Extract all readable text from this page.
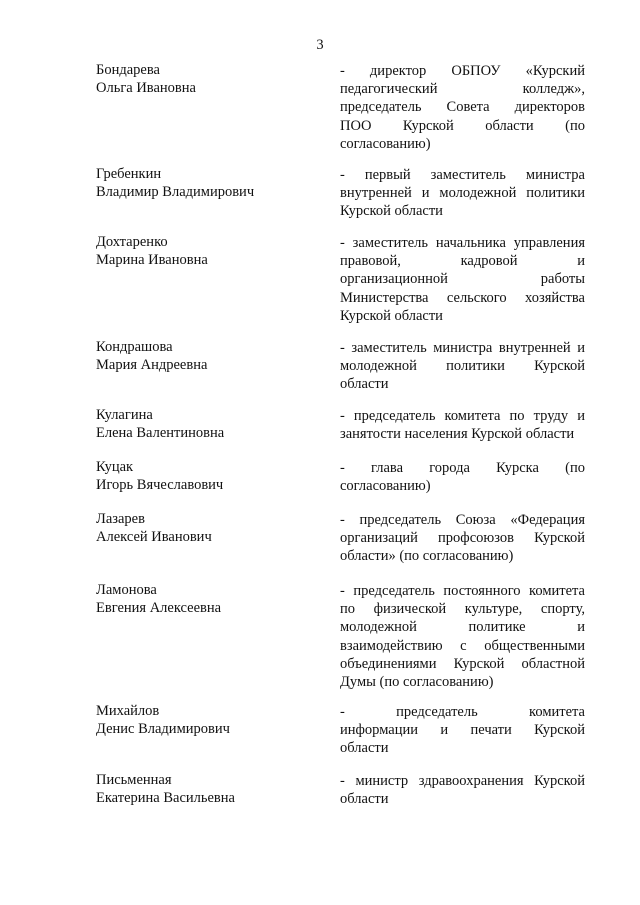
3
Бондарева
Ольга Ивановна
- директор ОБПОУ «Курский
педагогический колледж»,
председатель Совета директоров
ПОО Курской области (по
согласованию)
Гребенкин
Владимир Владимирович
- первый заместитель министра
внутренней и молодежной политики
Курской области
Дохтаренко
Марина Ивановна
- заместитель начальника управления
правовой, кадровой и
организационной работы
Министерства сельского хозяйства
Курской области
Кондрашова
Мария Андреевна
- заместитель министра внутренней и
молодежной политики Курской
области
Кулагина
Елена Валентиновна
- председатель комитета по труду и
занятости населения Курской области
Куцак
Игорь Вячеславович
- глава города Курска (по
согласованию)
Лазарев
Алексей Иванович
- председатель Союза «Федерация
организаций профсоюзов Курской
области» (по согласованию)
Ламонова
Евгения Алексеевна
- председатель постоянного комитета
по физической культуре, спорту,
молодежной политике и
взаимодействию с общественными
объединениями Курской областной
Думы (по согласованию)
Михайлов
Денис Владимирович
- председатель комитета
информации и печати Курской
области
Письменная
Екатерина Васильевна
- министр здравоохранения Курской
области
